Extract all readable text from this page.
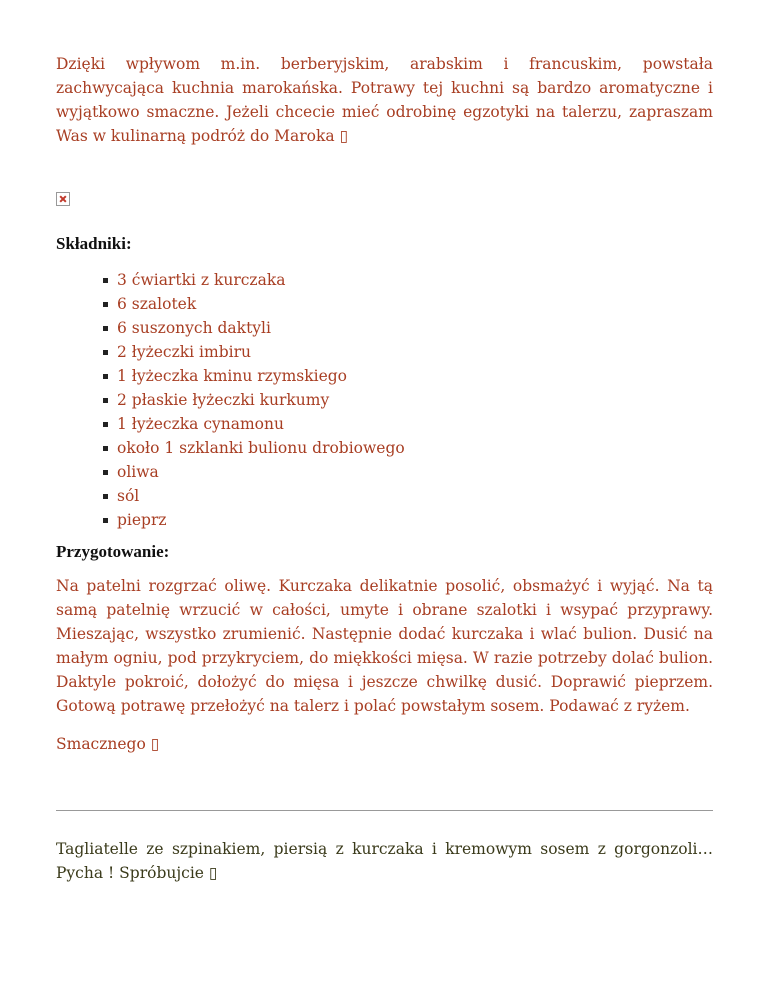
Dzięki wpływom m.in. berberyjskim, arabskim i francuskim, powstała zachwycająca kuchnia marokańska. Potrawy tej kuchni są bardzo aromatyczne i wyjątkowo smaczne. Jeżeli chcecie mieć odrobinę egzotyki na talerzu, zapraszam Was w kulinarną podróż do Maroka ▯

Składniki:

3 ćwiartki z kurczaka
6 szalotek
6 suszonych daktyli
2 łyżeczki imbiru
1 łyżeczka kminu rzymskiego
2 płaskie łyżeczki kurkumy
1 łyżeczka cynamonu
około 1 szklanki bulionu drobiowego
oliwa
sól
pieprz

Przygotowanie:

Na patelni rozgrzać oliwę. Kurczaka delikatnie posolić, obsmażyć i wyjąć. Na tą samą patelnię wrzucić w całości, umyte i obrane szalotki i wsypać przyprawy. Mieszając, wszystko zrumienić. Następnie dodać kurczaka i wlać bulion. Dusić na małym ogniu, pod przykryciem, do miękkości mięsa. W razie potrzeby dolać bulion. Daktyle pokroić, dołożyć do mięsa i jeszcze chwilkę dusić. Doprawić pieprzem. Gotową potrawę przełożyć na talerz i polać powstałym sosem. Podawać z ryżem.

Smacznego ▯

Tagliatelle ze szpinakiem, piersią z kurczaka i kremowym sosem z gorgonzoli… Pycha ! Spróbujcie ▯
